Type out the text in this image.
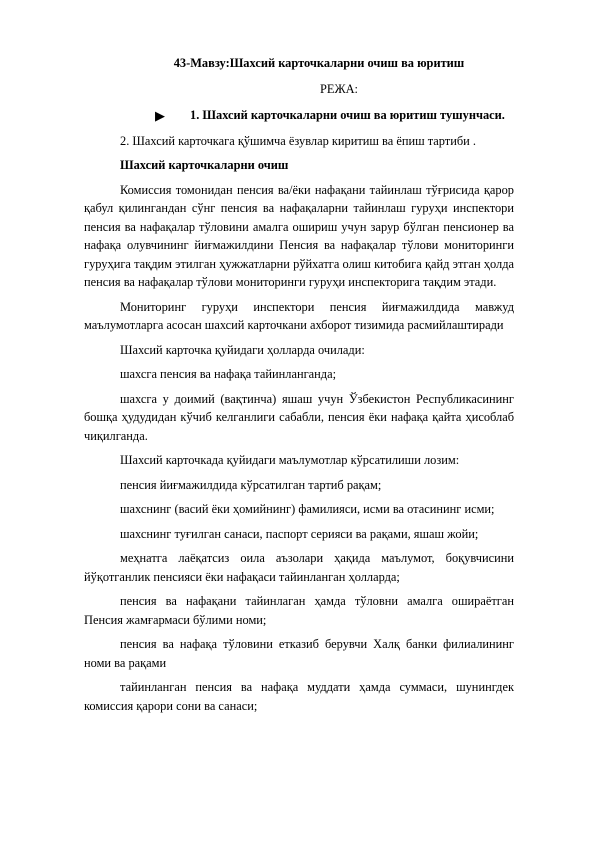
43-Мавзу:Шахсий карточкаларни очиш ва юритиш
РЕЖА:
▶ 1. Шахсий карточкаларни очиш ва юритиш тушунчаси.
2. Шахсий карточкага қўшимча ёзувлар киритиш ва ёпиш тартиби .
Шахсий карточкаларни очиш
Комиссия томонидан пенсия ва/ёки нафақани тайинлаш тўғрисида қарор қабул қилингандан сўнг пенсия ва нафақаларни тайинлаш гуруҳи инспектори пенсия ва нафақалар тўловини амалга ошириш учун зарур бўлган пенсионер ва нафақа олувчининг йиғмажилдини Пенсия ва нафақалар тўлови мониторинги гуруҳига тақдим этилган ҳужжатларни рўйхатга олиш китобига қайд этган ҳолда пенсия ва нафақалар тўлови мониторинги гуруҳи инспекторига тақдим этади.
Мониторинг гуруҳи инспектори пенсия йиғмажилдида мавжуд маълумотларга асосан шахсий карточкани ахборот тизимида расмийлаштиради
Шахсий карточка қуйидаги ҳолларда очилади:
шахсга пенсия ва нафақа тайинланганда;
шахсга у доимий (вақтинча) яшаш учун Ўзбекистон Республикасининг бошқа ҳудудидан кўчиб келганлиги сабабли, пенсия ёки нафақа қайта ҳисоблаб чиқилганда.
Шахсий карточкада қуйидаги маълумотлар кўрсатилиши лозим:
пенсия йиғмажилдида кўрсатилган тартиб рақам;
шахснинг (васий ёки ҳомийнинг) фамилияси, исми ва отасининг исми;
шахснинг туғилган санаси, паспорт серияси ва рақами, яшаш жойи;
меҳнатга лаёқатсиз оила аъзолари ҳақида маълумот, боқувчисини йўқотганлик пенсияси ёки нафақаси тайинланган ҳолларда;
пенсия ва нафақани тайинлаган ҳамда тўловни амалга ошираётган Пенсия жамғармаси бўлими номи;
пенсия ва нафақа тўловини етказиб берувчи Халқ банки филиалининг номи ва рақами
тайинланган пенсия ва нафақа муддати ҳамда суммаси, шунингдек комиссия қарори сони ва санаси;
